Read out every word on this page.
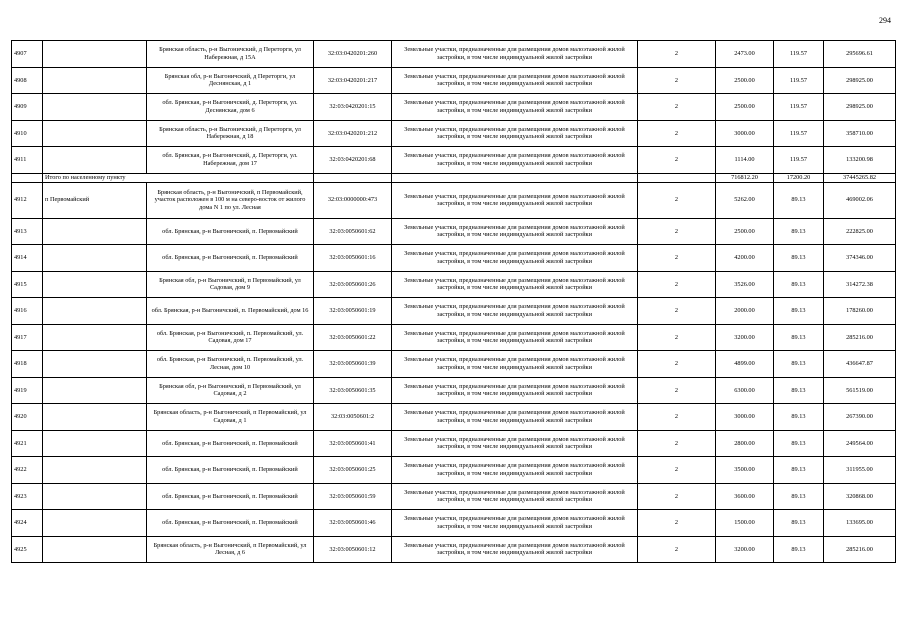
294
4907		Брянская область, р-н Выгоничский, д Переторги, ул Набережная, д 15А	32:03:0420201:260	Земельные участки, предназначенные для размещения домов малоэтажной жилой застройки, в том числе индивидуальной жилой застройки	2	2473.00	119.57	295696.61
4908		Брянская обл, р-н Выгоничский, д Переторги, ул Деснянская, д 1	32:03:0420201:217	Земельные участки, предназначенные для размещения домов малоэтажной жилой застройки, в том числе индивидуальной жилой застройки	2	2500.00	119.57	298925.00
4909		обл. Брянская, р-н Выгоничский, д. Переторги, ул. Деснянская, дом 6	32:03:0420201:15	Земельные участки, предназначенные для размещения домов малоэтажной жилой застройки, в том числе индивидуальной жилой застройки	2	2500.00	119.57	298925.00
4910		Брянская область, р-н Выгоничский, д Переторги, ул Набережная, д 18	32:03:0420201:212	Земельные участки, предназначенные для размещения домов малоэтажной жилой застройки, в том числе индивидуальной жилой застройки	2	3000.00	119.57	358710.00
4911		обл. Брянская, р-н Выгоничский, д. Переторги, ул. Набережная, дом 17	32:03:0420201:68	Земельные участки, предназначенные для размещения домов малоэтажной жилой застройки, в том числе индивидуальной жилой застройки	2	1114.00	119.57	133200.98
	Итого по населенному пункту					716812.20	17200.20	37445265.82
4912	п Первомайский	Брянская область, р-н Выгоничский, п Первомайский, участок расположен в 100 м на северо-восток от жилого дома N 1 по ул. Лесная	32:03:0000000:473	Земельные участки, предназначенные для размещения домов малоэтажной жилой застройки, в том числе индивидуальной жилой застройки	2	5262.00	89.13	469002.06
4913		обл. Брянская, р-н Выгоничский, п. Первомайский	32:03:0050601:62	Земельные участки, предназначенные для размещения домов малоэтажной жилой застройки, в том числе индивидуальной жилой застройки	2	2500.00	89.13	222825.00
4914		обл. Брянская, р-н Выгоничский, п. Первомайский	32:03:0050601:16	Земельные участки, предназначенные для размещения домов малоэтажной жилой застройки, в том числе индивидуальной жилой застройки	2	4200.00	89.13	374346.00
4915		Брянская обл, р-н Выгоничский, п Первомайский, ул Садовая, дом 9	32:03:0050601:26	Земельные участки, предназначенные для размещения домов малоэтажной жилой застройки, в том числе индивидуальной жилой застройки	2	3526.00	89.13	314272.38
4916		обл. Брянская, р-н Выгоничский, п. Первомайский, дом 16	32:03:0050601:19	Земельные участки, предназначенные для размещения домов малоэтажной жилой застройки, в том числе индивидуальной жилой застройки	2	2000.00	89.13	178260.00
4917		обл. Брянская, р-н Выгоничский, п. Первомайский, ул. Садовая, дом 17	32:03:0050601:22	Земельные участки, предназначенные для размещения домов малоэтажной жилой застройки, в том числе индивидуальной жилой застройки	2	3200.00	89.13	285216.00
4918		обл. Брянская, р-н Выгоничский, п. Первомайский, ул. Лесная, дом 10	32:03:0050601:39	Земельные участки, предназначенные для размещения домов малоэтажной жилой застройки, в том числе индивидуальной жилой застройки	2	4899.00	89.13	436647.87
4919		Брянская обл, р-н Выгоничский, п Первомайский, ул Садовая, д 2	32:03:0050601:35	Земельные участки, предназначенные для размещения домов малоэтажной жилой застройки, в том числе индивидуальной жилой застройки	2	6300.00	89.13	561519.00
4920		Брянская область, р-н Выгоничский, п Первомайский, ул Садовая, д 1	32:03:0050601:2	Земельные участки, предназначенные для размещения домов малоэтажной жилой застройки, в том числе индивидуальной жилой застройки	2	3000.00	89.13	267390.00
4921		обл. Брянская, р-н Выгоничский, п. Первомайский	32:03:0050601:41	Земельные участки, предназначенные для размещения домов малоэтажной жилой застройки, в том числе индивидуальной жилой застройки	2	2800.00	89.13	249564.00
4922		обл. Брянская, р-н Выгоничский, п. Первомайский	32:03:0050601:25	Земельные участки, предназначенные для размещения домов малоэтажной жилой застройки, в том числе индивидуальной жилой застройки	2	3500.00	89.13	311955.00
4923		обл. Брянская, р-н Выгоничский, п. Первомайский	32:03:0050601:59	Земельные участки, предназначенные для размещения домов малоэтажной жилой застройки, в том числе индивидуальной жилой застройки	2	3600.00	89.13	320868.00
4924		обл. Брянская, р-н Выгоничский, п. Первомайский	32:03:0050601:46	Земельные участки, предназначенные для размещения домов малоэтажной жилой застройки, в том числе индивидуальной жилой застройки	2	1500.00	89.13	133695.00
4925		Брянская область, р-н Выгоничский, п Первомайский, ул Лесная, д 6	32:03:0050601:12	Земельные участки, предназначенные для размещения домов малоэтажной жилой застройки, в том числе индивидуальной жилой застройки	2	3200.00	89.13	285216.00
